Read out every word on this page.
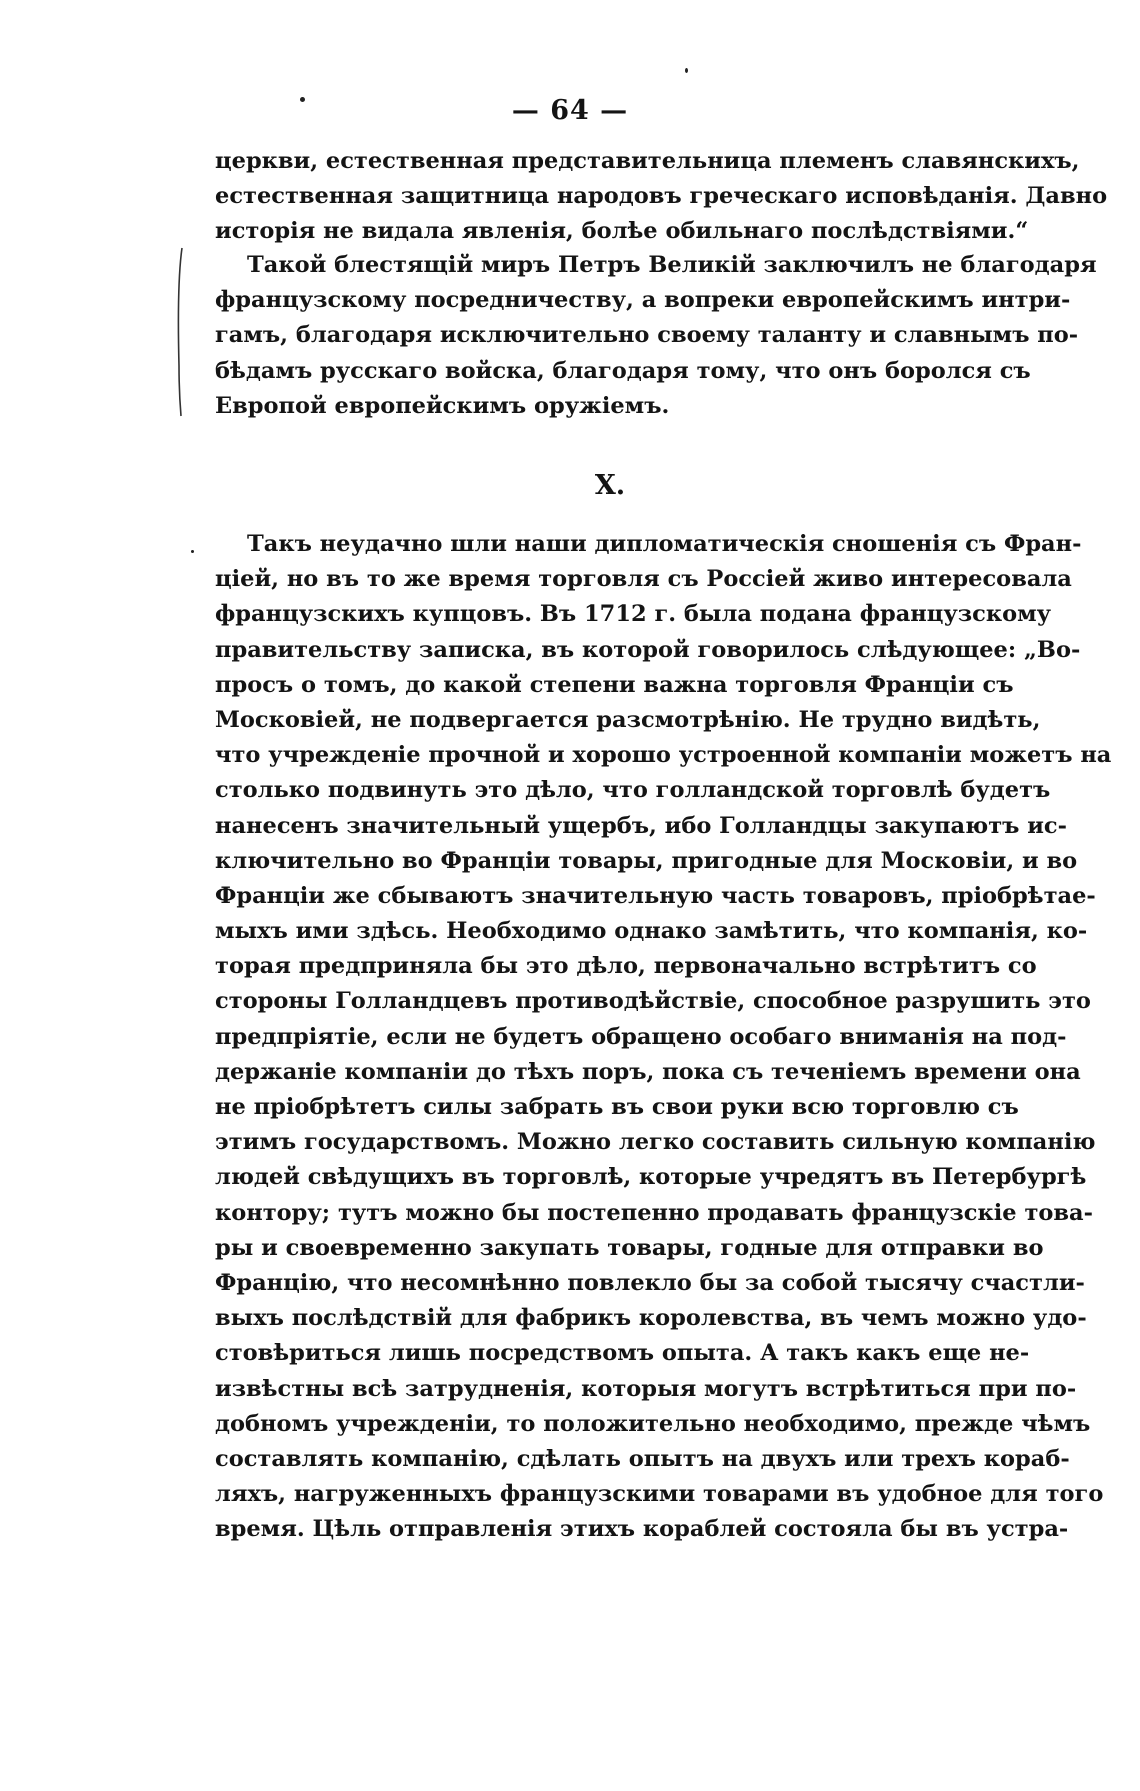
— 64 —
церкви, естественная представительница племенъ славянскихъ,
естественная защитница народовъ греческаго исповѣданія. Давно
исторія не видала явленія, болѣе обильнаго послѣдствіями.“
Такой блестящій миръ Петръ Великій заключилъ не благодаря
французскому посредничеству, а вопреки европейскимъ интри-
гамъ, благодаря исключительно своему таланту и славнымъ по-
бѣдамъ русскаго войска, благодаря тому, что онъ боролся съ
Европой европейскимъ оружіемъ.
X.
Такъ неудачно шли наши дипломатическія сношенія съ Фран-
ціей, но въ то же время торговля съ Россіей живо интересовала
французскихъ купцовъ. Въ 1712 г. была подана французскому
правительству записка, въ которой говорилось слѣдующее: „Во-
просъ о томъ, до какой степени важна торговля Франціи съ
Московіей, не подвергается разсмотрѣнію. Не трудно видѣть,
что учрежденіе прочной и хорошо устроенной компаніи можетъ на
столько подвинуть это дѣло, что голландской торговлѣ будетъ
нанесенъ значительный ущербъ, ибо Голландцы закупаютъ ис-
ключительно во Франціи товары, пригодные для Московіи, и во
Франціи же сбываютъ значительную часть товаровъ, пріобрѣтае-
мыхъ ими здѣсь. Необходимо однако замѣтить, что компанія, ко-
торая предприняла бы это дѣло, первоначально встрѣтитъ со
стороны Голландцевъ противодѣйствіе, способное разрушить это
предпріятіе, если не будетъ обращено особаго вниманія на под-
держаніе компаніи до тѣхъ поръ, пока съ теченіемъ времени она
не пріобрѣтетъ силы забрать въ свои руки всю торговлю съ
этимъ государствомъ. Можно легко составить сильную компанію
людей свѣдущихъ въ торговлѣ, которые учредятъ въ Петербургѣ
контору; тутъ можно бы постепенно продавать французскіе това-
ры и своевременно закупать товары, годные для отправки во
Францію, что несомнѣнно повлекло бы за собой тысячу счастли-
выхъ послѣдствій для фабрикъ королевства, въ чемъ можно удо-
стовѣриться лишь посредствомъ опыта. А такъ какъ еще не-
извѣстны всѣ затрудненія, которыя могутъ встрѣтиться при по-
добномъ учрежденіи, то положительно необходимо, прежде чѣмъ
составлять компанію, сдѣлать опытъ на двухъ или трехъ кораб-
ляхъ, нагруженныхъ французскими товарами въ удобное для того
время. Цѣль отправленія этихъ кораблей состояла бы въ устра-
